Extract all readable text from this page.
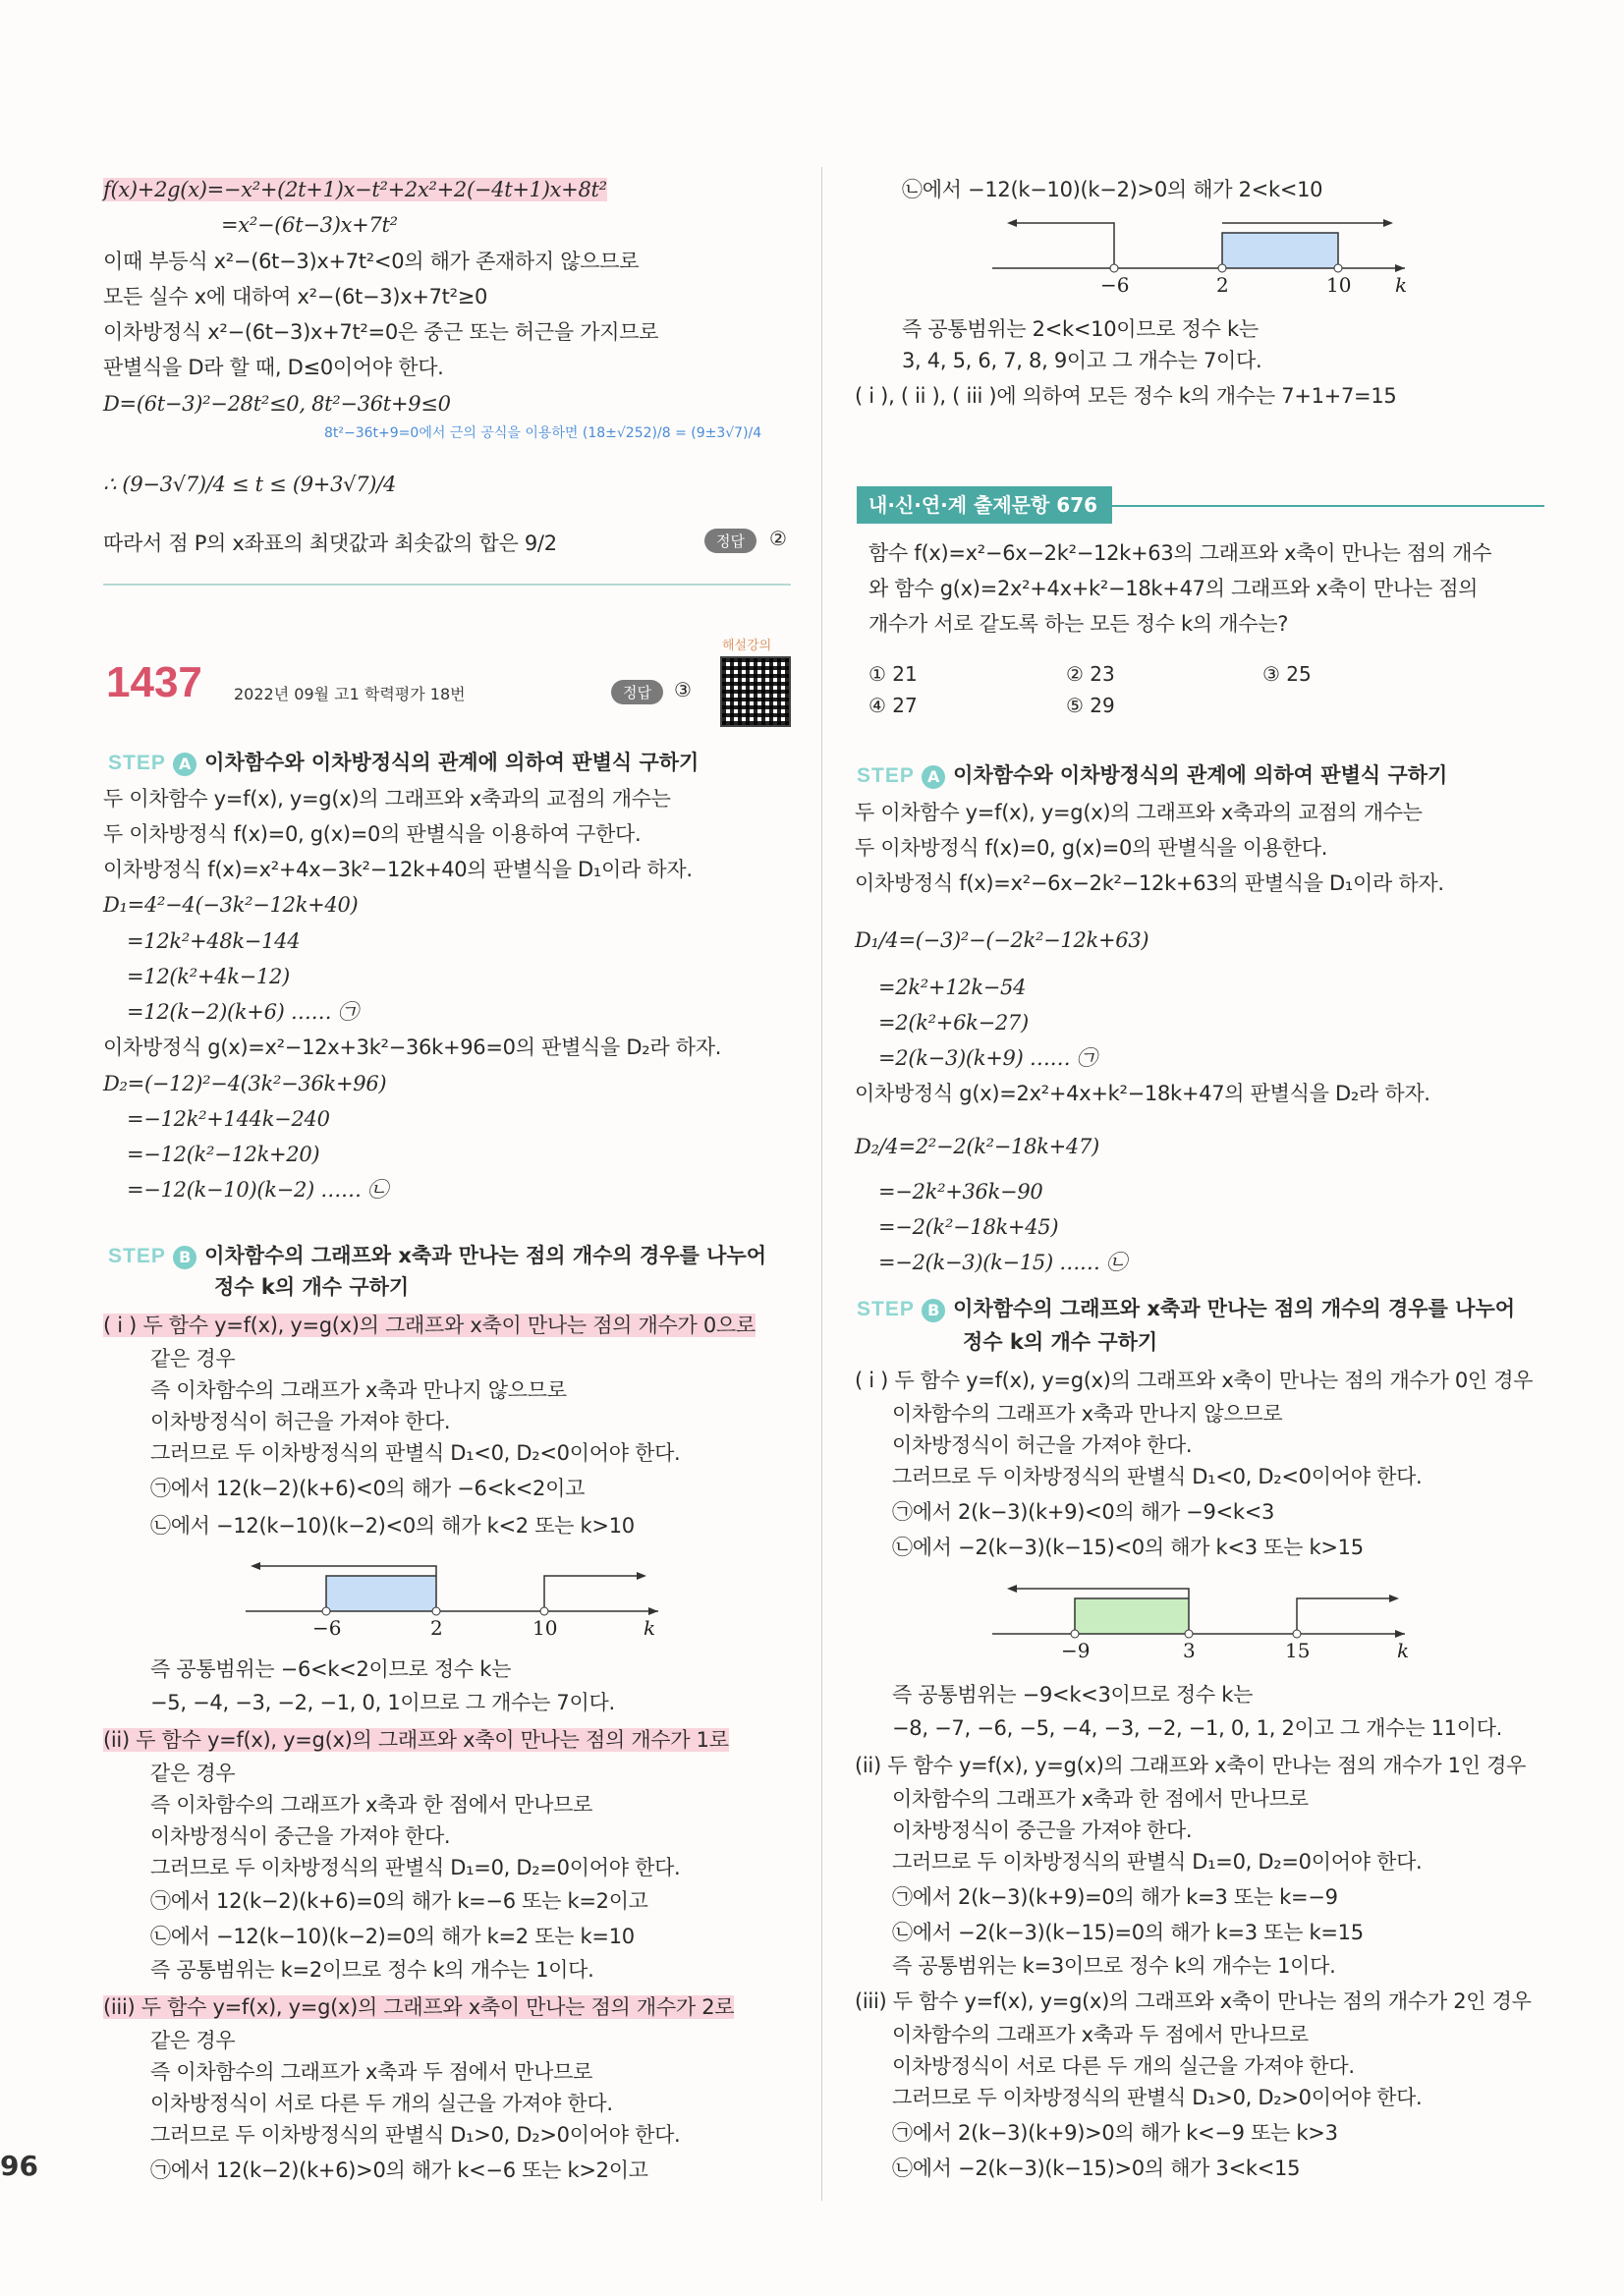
96
f(x)+2g(x)=−x²+(2t+1)x−t²+2x²+2(−4t+1)x+8t²
=x²−(6t−3)x+7t²
이때 부등식 x²−(6t−3)x+7t²<0의 해가 존재하지 않으므로
모든 실수 x에 대하여 x²−(6t−3)x+7t²≥0
이차방정식 x²−(6t−3)x+7t²=0은 중근 또는 허근을 가지므로
판별식을 D라 할 때, D≤0이어야 한다.
D=(6t−3)²−28t²≤0, 8t²−36t+9≤0
8t²−36t+9=0에서 근의 공식을 이용하면 (18±√252)/8 = (9±3√7)/4
∴ (9−3√7)/4 ≤ t ≤ (9+3√7)/4
따라서 점 P의 x좌표의 최댓값과 최솟값의 합은 9/2	정답	②
1437 2022년 09월 고1 학력평가 18번	정답	③
해설강의
STEP A 이차함수와 이차방정식의 관계에 의하여 판별식 구하기
두 이차함수 y=f(x), y=g(x)의 그래프와 x축과의 교점의 개수는
두 이차방정식 f(x)=0, g(x)=0의 판별식을 이용하여 구한다.
이차방정식 f(x)=x²+4x−3k²−12k+40의 판별식을 D₁이라 하자.
D₁=4²−4(−3k²−12k+40)
=12k²+48k−144
=12(k²+4k−12)
=12(k−2)(k+6) …… ㉠
이차방정식 g(x)=x²−12x+3k²−36k+96=0의 판별식을 D₂라 하자.
D₂=(−12)²−4(3k²−36k+96)
=−12k²+144k−240
=−12(k²−12k+20)
=−12(k−10)(k−2) …… ㉡
STEP B 이차함수의 그래프와 x축과 만나는 점의 개수의 경우를 나누어
정수 k의 개수 구하기
( i ) 두 함수 y=f(x), y=g(x)의 그래프와 x축이 만나는 점의 개수가 0으로
같은 경우
즉 이차함수의 그래프가 x축과 만나지 않으므로
이차방정식이 허근을 가져야 한다.
그러므로 두 이차방정식의 판별식 D₁<0, D₂<0이어야 한다.
㉠에서 12(k−2)(k+6)<0의 해가 −6<k<2이고
㉡에서 −12(k−10)(k−2)<0의 해가 k<2 또는 k>10
−6	2	10	k
즉 공통범위는 −6<k<2이므로 정수 k는
−5, −4, −3, −2, −1, 0, 1이므로 그 개수는 7이다.
(ii) 두 함수 y=f(x), y=g(x)의 그래프와 x축이 만나는 점의 개수가 1로
같은 경우
즉 이차함수의 그래프가 x축과 한 점에서 만나므로
이차방정식이 중근을 가져야 한다.
그러므로 두 이차방정식의 판별식 D₁=0, D₂=0이어야 한다.
㉠에서 12(k−2)(k+6)=0의 해가 k=−6 또는 k=2이고
㉡에서 −12(k−10)(k−2)=0의 해가 k=2 또는 k=10
즉 공통범위는 k=2이므로 정수 k의 개수는 1이다.
(iii) 두 함수 y=f(x), y=g(x)의 그래프와 x축이 만나는 점의 개수가 2로
같은 경우
즉 이차함수의 그래프가 x축과 두 점에서 만나므로
이차방정식이 서로 다른 두 개의 실근을 가져야 한다.
그러므로 두 이차방정식의 판별식 D₁>0, D₂>0이어야 한다.
㉠에서 12(k−2)(k+6)>0의 해가 k<−6 또는 k>2이고
㉡에서 −12(k−10)(k−2)>0의 해가 2<k<10
−6	2	10 k
즉 공통범위는 2<k<10이므로 정수 k는
3, 4, 5, 6, 7, 8, 9이고 그 개수는 7이다.
( i ), ( ii ), ( iii )에 의하여 모든 정수 k의 개수는 7+1+7=15
내·신·연·계 출제문항 676
함수 f(x)=x²−6x−2k²−12k+63의 그래프와 x축이 만나는 점의 개수
와 함수 g(x)=2x²+4x+k²−18k+47의 그래프와 x축이 만나는 점의
개수가 서로 같도록 하는 모든 정수 k의 개수는?
① 21	② 23	③ 25
④ 27	⑤ 29
STEP A 이차함수와 이차방정식의 관계에 의하여 판별식 구하기
두 이차함수 y=f(x), y=g(x)의 그래프와 x축과의 교점의 개수는
두 이차방정식 f(x)=0, g(x)=0의 판별식을 이용한다.
이차방정식 f(x)=x²−6x−2k²−12k+63의 판별식을 D₁이라 하자.
D₁/4=(−3)²−(−2k²−12k+63)
=2k²+12k−54
=2(k²+6k−27)
=2(k−3)(k+9) …… ㉠
이차방정식 g(x)=2x²+4x+k²−18k+47의 판별식을 D₂라 하자.
D₂/4=2²−2(k²−18k+47)
=−2k²+36k−90
=−2(k²−18k+45)
=−2(k−3)(k−15) …… ㉡
STEP B 이차함수의 그래프와 x축과 만나는 점의 개수의 경우를 나누어
정수 k의 개수 구하기
( i ) 두 함수 y=f(x), y=g(x)의 그래프와 x축이 만나는 점의 개수가 0인 경우
이차함수의 그래프가 x축과 만나지 않으므로
이차방정식이 허근을 가져야 한다.
그러므로 두 이차방정식의 판별식 D₁<0, D₂<0이어야 한다.
㉠에서 2(k−3)(k+9)<0의 해가 −9<k<3
㉡에서 −2(k−3)(k−15)<0의 해가 k<3 또는 k>15
−9	3	15	k
즉 공통범위는 −9<k<3이므로 정수 k는
−8, −7, −6, −5, −4, −3, −2, −1, 0, 1, 2이고 그 개수는 11이다.
(ii) 두 함수 y=f(x), y=g(x)의 그래프와 x축이 만나는 점의 개수가 1인 경우
이차함수의 그래프가 x축과 한 점에서 만나므로
이차방정식이 중근을 가져야 한다.
그러므로 두 이차방정식의 판별식 D₁=0, D₂=0이어야 한다.
㉠에서 2(k−3)(k+9)=0의 해가 k=3 또는 k=−9
㉡에서 −2(k−3)(k−15)=0의 해가 k=3 또는 k=15
즉 공통범위는 k=3이므로 정수 k의 개수는 1이다.
(iii) 두 함수 y=f(x), y=g(x)의 그래프와 x축이 만나는 점의 개수가 2인 경우
이차함수의 그래프가 x축과 두 점에서 만나므로
이차방정식이 서로 다른 두 개의 실근을 가져야 한다.
그러므로 두 이차방정식의 판별식 D₁>0, D₂>0이어야 한다.
㉠에서 2(k−3)(k+9)>0의 해가 k<−9 또는 k>3
㉡에서 −2(k−3)(k−15)>0의 해가 3<k<15
